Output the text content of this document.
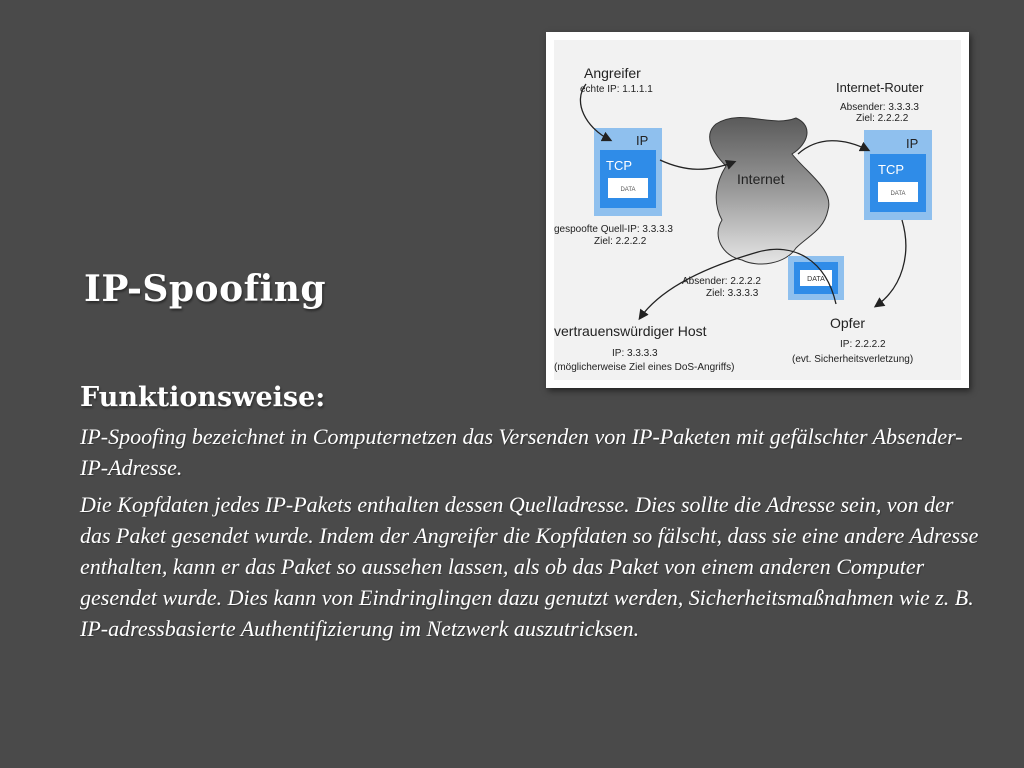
IP-Spoofing
Angreifer
echte IP: 1.1.1.1
IP
TCP
DATA
gespoofte Quell-IP: 3.3.3.3
Ziel: 2.2.2.2
Internet
Internet-Router
Absender: 3.3.3.3
Ziel: 2.2.2.2
IP
TCP
DATA
Absender: 2.2.2.2
Ziel: 3.3.3.3
DATA
vertrauenswürdiger Host
IP: 3.3.3.3
(möglicherweise Ziel eines DoS-Angriffs)
Opfer
IP: 2.2.2.2
(evt. Sicherheitsverletzung)
Funktionsweise:

IP-Spoofing bezeichnet in Computernetzen das Versenden von IP-Paketen mit gefälschter Absender-IP-Adresse.

Die Kopfdaten jedes IP-Pakets enthalten dessen Quelladresse. Dies sollte die Adresse sein, von der das Paket gesendet wurde. Indem der Angreifer die Kopfdaten so fälscht, dass sie eine andere Adresse enthalten, kann er das Paket so aussehen lassen, als ob das Paket von einem anderen Computer gesendet wurde. Dies kann von Eindringlingen dazu genutzt werden, Sicherheitsmaßnahmen wie z. B. IP-adressbasierte Authentifizierung im Netzwerk auszutricksen.
